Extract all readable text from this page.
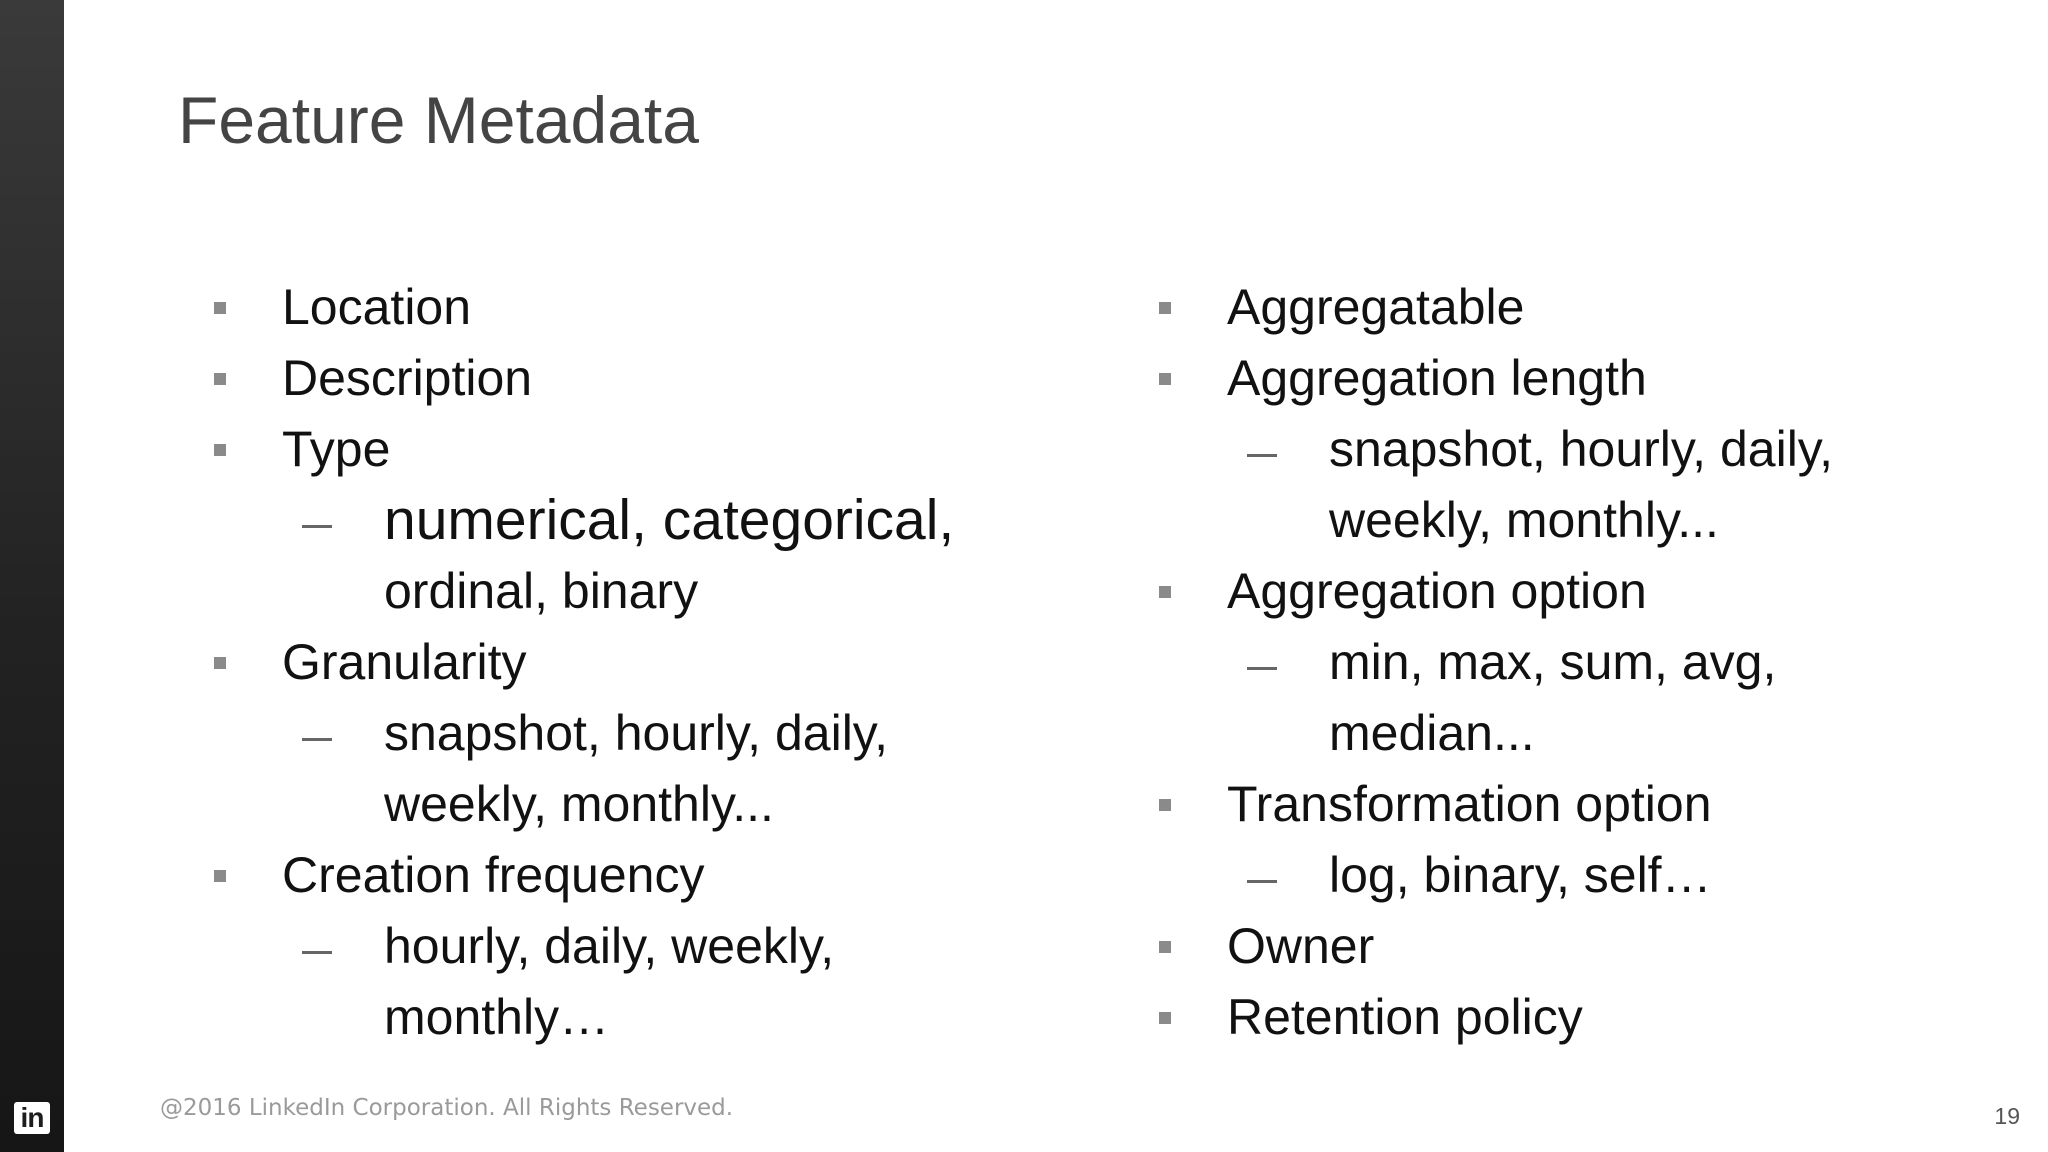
in
Feature Metadata
Location
Description
Type
numerical, categorical,
ordinal, binary
Granularity
snapshot, hourly, daily,
weekly, monthly...
Creation frequency
hourly, daily, weekly,
monthly…
Aggregatable
Aggregation length
snapshot, hourly, daily,
weekly, monthly...
Aggregation option
min, max, sum, avg,
median...
Transformation option
log, binary, self…
Owner
Retention policy
@2016 LinkedIn Corporation. All Rights Reserved.	19
